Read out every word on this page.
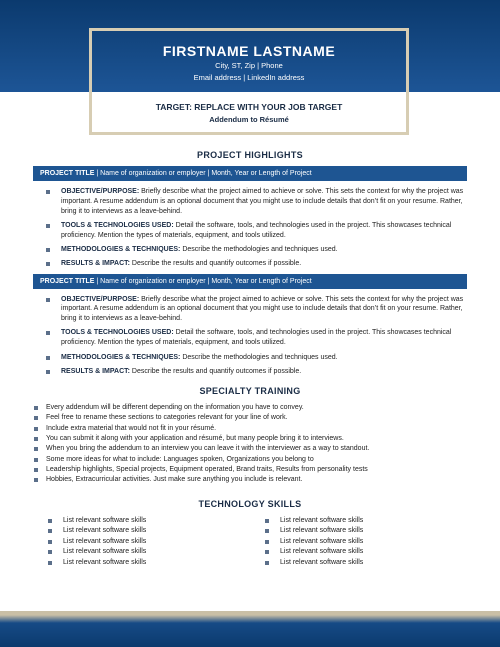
FIRSTNAME LASTNAME
City, ST, Zip | Phone
Email address | LinkedIn address
TARGET: REPLACE WITH YOUR JOB TARGET
Addendum to Résumé
PROJECT HIGHLIGHTS
PROJECT TITLE | Name of organization or employer | Month, Year or Length of Project
OBJECTIVE/PURPOSE: Briefly describe what the project aimed to achieve or solve. This sets the context for why the project was important. A resume addendum is an optional document that you might use to include details that don’t fit on your resume. Rather, bring it to interviews as a leave-behind.
TOOLS & TECHNOLOGIES USED: Detail the software, tools, and technologies used in the project. This showcases technical proficiency. Mention the types of materials, equipment, and tools utilized.
METHODOLOGIES & TECHNIQUES: Describe the methodologies and techniques used.
RESULTS & IMPACT: Describe the results and quantify outcomes if possible.
PROJECT TITLE | Name of organization or employer | Month, Year or Length of Project
OBJECTIVE/PURPOSE: Briefly describe what the project aimed to achieve or solve. This sets the context for why the project was important. A resume addendum is an optional document that you might use to include details that don’t fit on your resume. Rather, bring it to interviews as a leave-behind.
TOOLS & TECHNOLOGIES USED: Detail the software, tools, and technologies used in the project. This showcases technical proficiency. Mention the types of materials, equipment, and tools utilized.
METHODOLOGIES & TECHNIQUES: Describe the methodologies and techniques used.
RESULTS & IMPACT: Describe the results and quantify outcomes if possible.
SPECIALTY TRAINING
Every addendum will be different depending on the information you have to convey.
Feel free to rename these sections to categories relevant for your line of work.
Include extra material that would not fit in your résumé.
You can submit it along with your application and résumé, but many people bring it to interviews.
When you bring the addendum to an interview you can leave it with the interviewer as a way to standout.
Some more ideas for what to include: Languages spoken, Organizations you belong to
Leadership highlights, Special projects, Equipment operated, Brand traits, Results from personality tests
Hobbies, Extracurricular activities. Just make sure anything you include is relevant.
TECHNOLOGY SKILLS
List relevant software skills
List relevant software skills
List relevant software skills
List relevant software skills
List relevant software skills
List relevant software skills
List relevant software skills
List relevant software skills
List relevant software skills
List relevant software skills
